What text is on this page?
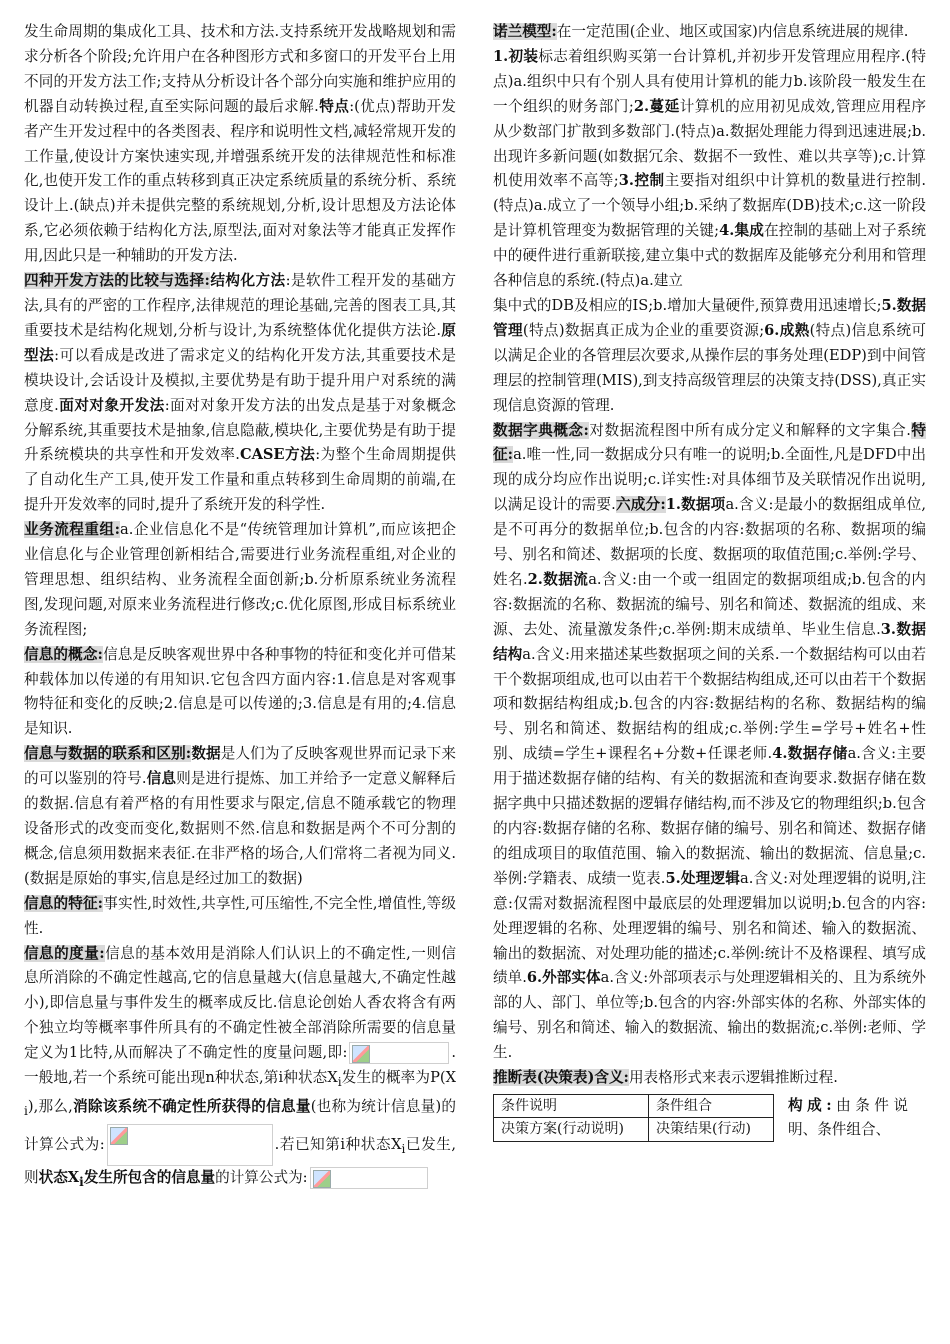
发生命周期的集成化工具、技术和方法.支持系统开发战略规划和需求分析各个阶段;允许用户在各种图形方式和多窗口的开发平台上用不同的开发方法工作;支持从分析设计各个部分向实施和维护应用的机器自动转换过程,直至实际问题的最后求解.特点:(优点)帮助开发者产生开发过程中的各类图表、程序和说明性文档,减轻常规开发的工作量,使设计方案快速实现,并增强系统开发的法律规范性和标准化,也使开发工作的重点转移到真正决定系统质量的系统分析、系统设计上.(缺点)并未提供完整的系统规划,分析,设计思想及方法论体系,它必须依赖于结构化方法,原型法,面对对象法等才能真正发挥作用,因此只是一种辅助的开发方法.

四种开发方法的比较与选择:结构化方法:是软件工程开发的基础方法,具有的严密的工作程序,法律规范的理论基础,完善的图表工具,其重要技术是结构化规划,分析与设计,为系统整体优化提供方法论.原型法:可以看成是改进了需求定义的结构化开发方法,其重要技术是模块设计,会话设计及模拟,主要优势是有助于提升用户对系统的满意度.面对对象开发法:面对对象开发方法的出发点是基于对象概念分解系统,其重要技术是抽象,信息隐蔽,模块化,主要优势是有助于提升系统模块的共享性和开发效率.CASE方法:为整个生命周期提供了自动化生产工具,使开发工作量和重点转移到生命周期的前端,在提升开发效率的同时,提升了系统开发的科学性.

业务流程重组:a.企业信息化不是“传统管理加计算机”,而应该把企业信息化与企业管理创新相结合,需要进行业务流程重组,对企业的管理思想、组织结构、业务流程全面创新;b.分析原系统业务流程图,发现问题,对原来业务流程进行修改;c.优化原图,形成目标系统业务流程图;

信息的概念:信息是反映客观世界中各种事物的特征和变化并可借某种载体加以传递的有用知识.它包含四方面内容:1.信息是对客观事物特征和变化的反映;2.信息是可以传递的;3.信息是有用的;4.信息是知识.

信息与数据的联系和区别:数据是人们为了反映客观世界而记录下来的可以鉴别的符号.信息则是进行提炼、加工并给予一定意义解释后的数据.信息有着严格的有用性要求与限定,信息不随承载它的物理设备形式的改变而变化,数据则不然.信息和数据是两个不可分割的概念,信息须用数据来表征.在非严格的场合,人们常将二者视为同义.(数据是原始的事实,信息是经过加工的数据)

信息的特征:事实性,时效性,共享性,可压缩性,不完全性,增值性,等级性.

信息的度量:信息的基本效用是消除人们认识上的不确定性,一则信息所消除的不确定性越高,它的信息量越大(信息量越大,不确定性越小),即信息量与事件发生的概率成反比.信息论创始人香农将含有两个独立均等概率事件所具有的不确定性被全部消除所需要的信息量定义为1比特,从而解决了不确定性的度量问题,即:	.一般地,若一个系统可能出现n种状态,第i种状态$X_i$发生的概率为$P(X_i)$,那么,消除该系统不确定性所获得的信息量(也称为统计信息量)的计算公式为:	.若已知第i种状态$X_i$已发生,则状态$X_i$发生所包含的信息量的计算公式为:

诺兰模型:在一定范围(企业、地区或国家)内信息系统进展的规律.
1.初装标志着组织购买第一台计算机,并初步开发管理应用程序.(特点)a.组织中只有个别人具有使用计算机的能力b.该阶段一般发生在一个组织的财务部门;2.蔓延计算机的应用初见成效,管理应用程序从少数部门扩散到多数部门.(特点)a.数据处理能力得到迅速进展;b.出现许多新问题(如数据冗余、数据不一致性、难以共享等);c.计算机使用效率不高等;3.控制主要指对组织中计算机的数量进行控制.(特点)a.成立了一个领导小组;b.采纳了数据库(DB)技术;c.这一阶段是计算机管理变为数据管理的关键;4.集成在控制的基础上对子系统中的硬件进行重新联接,建立集中式的数据库及能够充分利用和管理各种信息的系统.(特点)a.建立
集中式的DB及相应的IS;b.增加大量硬件,预算费用迅速增长;5.数据管理(特点)数据真正成为企业的重要资源;6.成熟(特点)信息系统可以满足企业的各管理层次要求,从操作层的事务处理(EDP)到中间管理层的控制管理(MIS),到支持高级管理层的决策支持(DSS),真正实现信息资源的管理.

数据字典概念:对数据流程图中所有成分定义和解释的文字集合.特征:a.唯一性,同一数据成分只有唯一的说明;b.全面性,凡是DFD中出现的成分均应作出说明;c.详实性:对具体细节及关联情况作出说明,以满足设计的需要.六成分:1.数据项a.含义:是最小的数据组成单位,是不可再分的数据单位;b.包含的内容:数据项的名称、数据项的编号、别名和简述、数据项的长度、数据项的取值范围;c.举例:学号、姓名.2.数据流a.含义:由一个或一组固定的数据项组成;b.包含的内容:数据流的名称、数据流的编号、别名和简述、数据流的组成、来源、去处、流量激发条件;c.举例:期末成绩单、毕业生信息.3.数据结构a.含义:用来描述某些数据项之间的关系.一个数据结构可以由若干个数据项组成,也可以由若干个数据结构组成,还可以由若干个数据项和数据结构组成;b.包含的内容:数据结构的名称、数据结构的编号、别名和简述、数据结构的组成;c.举例:学生=学号+姓名+性别、成绩=学生+课程名+分数+任课老师.4.数据存储a.含义:主要用于描述数据存储的结构、有关的数据流和查询要求.数据存储在数据字典中只描述数据的逻辑存储结构,而不涉及它的物理组织;b.包含的内容:数据存储的名称、数据存储的编号、别名和简述、数据存储的组成项目的取值范围、输入的数据流、输出的数据流、信息量;c.举例:学籍表、成绩一览表.5.处理逻辑a.含义:对处理逻辑的说明,注意:仅需对数据流程图中最底层的处理逻辑加以说明;b.包含的内容:处理逻辑的名称、处理逻辑的编号、别名和简述、输入的数据流、输出的数据流、对处理功能的描述;c.举例:统计不及格课程、填写成绩单.6.外部实体a.含义:外部项表示与处理逻辑相关的、且为系统外部的人、部门、单位等;b.包含的内容:外部实体的名称、外部实体的编号、别名和简述、输入的数据流、输出的数据流;c.举例:老师、学生.

推断表(决策表)含义:用表格形式来表示逻辑推断过程.

条件说明	条件组合
决策方案(行动说明)	决策结果(行动)
构成:由条件说明、条件组合、
